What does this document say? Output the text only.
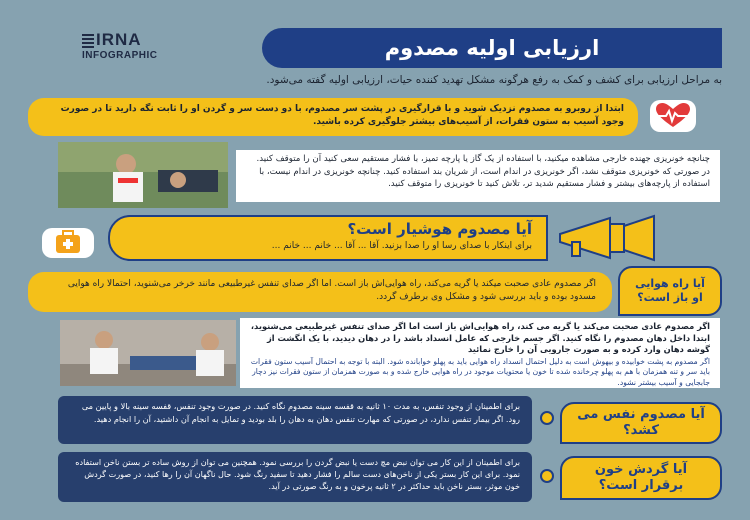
IRNA
INFOGRAPHIC	ارزیابی اولیه مصدوم
به مراحل ارزیابی برای کشف و کمک به رفع هرگونه مشکل تهدید کننده حیات، ارزیابی اولیه گفته می‌شود.
ابتدا از روبرو به مصدوم نزدیک شوید و با قرارگیری در پشت سر مصدوم، با دو دست سر و گردن او را ثابت نگه دارید تا در صورت وجود آسیب به ستون فقرات، از آسیب‌های بیشتر جلوگیری کرده باشید.
چنانچه خونریزی جهنده خارجی مشاهده میکنید، با استفاده از یک گاز یا پارچه تمیز، با فشار مستقیم سعی کنید آن را متوقف کنید. در صورتی که خونریزی متوقف نشد، اگر خونریزی در اندام است، از شریان بند استفاده کنید. چنانچه خونریزی در اندام نیست، با استفاده از پارچه‌های بیشتر و فشار مستقیم شدید تر، تلاش کنید تا خونریزی را متوقف کنید.
آیا مصدوم هوشیار است؟
برای اینکار با صدای رسا او را صدا بزنید. آقا ... آقا ... خانم ... خانم ...
اگر مصدوم عادی صحبت میکند یا گریه می‌کند، راه هوایی‌اش باز است. اما اگر صدای تنفس غیرطبیعی مانند خرخر می‌شنوید، احتمالا راه هوایی مسدود بوده و باید بررسی شود و مشکل وی برطرف گردد.
آیا راه هوایی او باز است؟
اگر مصدوم عادی صحبت می‌کند یا گریه می کند، راه هوایی‌اش باز است اما اگر صدای تنفس غیرطبیعی می‌شنوید، ابتدا داخل دهان مصدوم را نگاه کنید. اگر جسم خارجی که عامل انسداد باشد را در دهان دیدید، با یک انگشت از گوشه دهان وارد کرده و به صورت جارویی آن را خارج نمائید
اگر مصدوم به پشت خوابیده و بیهوش است به دلیل احتمال انسداد راه هوایی باید به پهلو خوابانده شود. البته با توجه به احتمال آسیب ستون فقرات باید سر و تنه همزمان با هم به پهلو چرخانده شده تا خون یا محتویات موجود در راه هوایی خارج شده و به صورت همزمان از ستون فقرات نیز دچار جابجایی و آسیب بیشتر نشود.
برای اطمینان از وجود تنفس، به مدت ۱۰ ثانیه به قفسه سینه مصدوم نگاه کنید. در صورت وجود تنفس، قفسه سینه بالا و پایین می رود. اگر بیمار تنفس ندارد، در صورتی که مهارت تنفس دهان به دهان را بلد بودید و تمایل به انجام آن داشتید، آن را انجام دهید.	آیا مصدوم نفس می کشد؟
برای اطمینان از این کار می توان نبض مچ دست یا نبض گردن را بررسی نمود. همچنین می توان از روش ساده تر بستن ناخن استفاده نمود. برای این کار بستر یکی از ناخن‌های دست سالم را فشار دهید تا سفید رنگ شود. حال ناگهان آن را رها کنید، در صورت گردش خون موثر، بستر ناخن باید حداکثر در ۲ ثانیه پرخون و به رنگ صورتی در آید.
آیا گردش خون برقرار است؟
